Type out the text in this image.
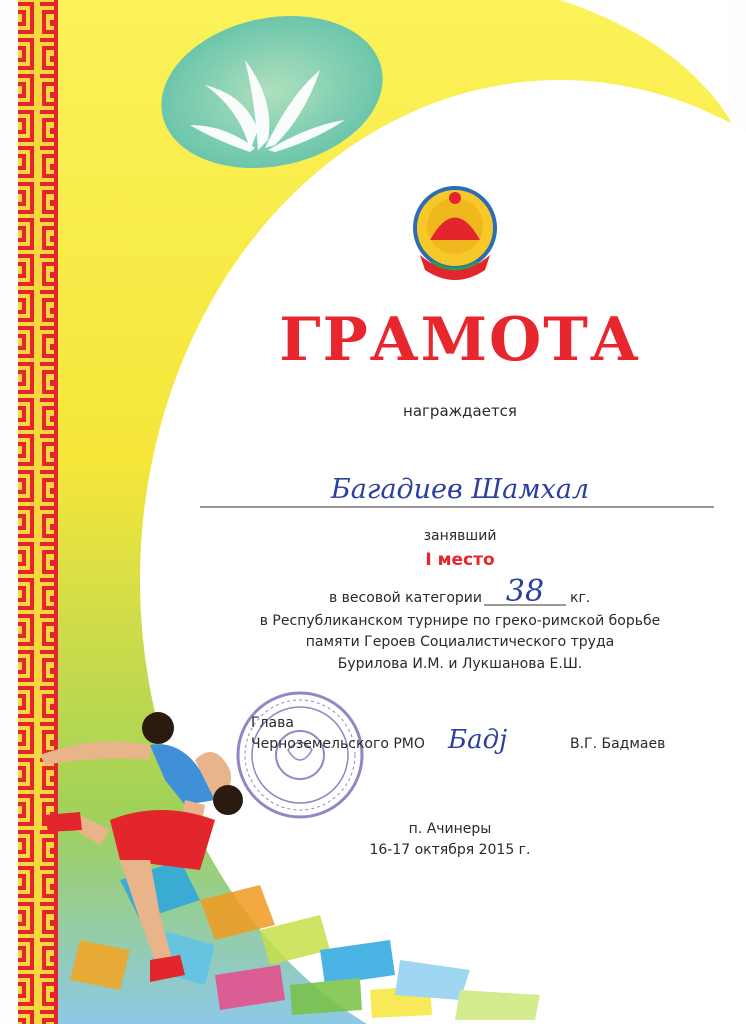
ГРАМОТА
награждается
Багадиев Шамхал
занявший
I место
в весовой категории 38	кг.
в Республиканском турнире по греко-римской борьбе
памяти Героев Социалистического труда
Бурилова И.М. и Лукшанова Е.Ш.
Глава
Черноземельского РМО Бадј	В.Г. Бадмаев
п. Ачинеры
16-17 октября 2015 г.
